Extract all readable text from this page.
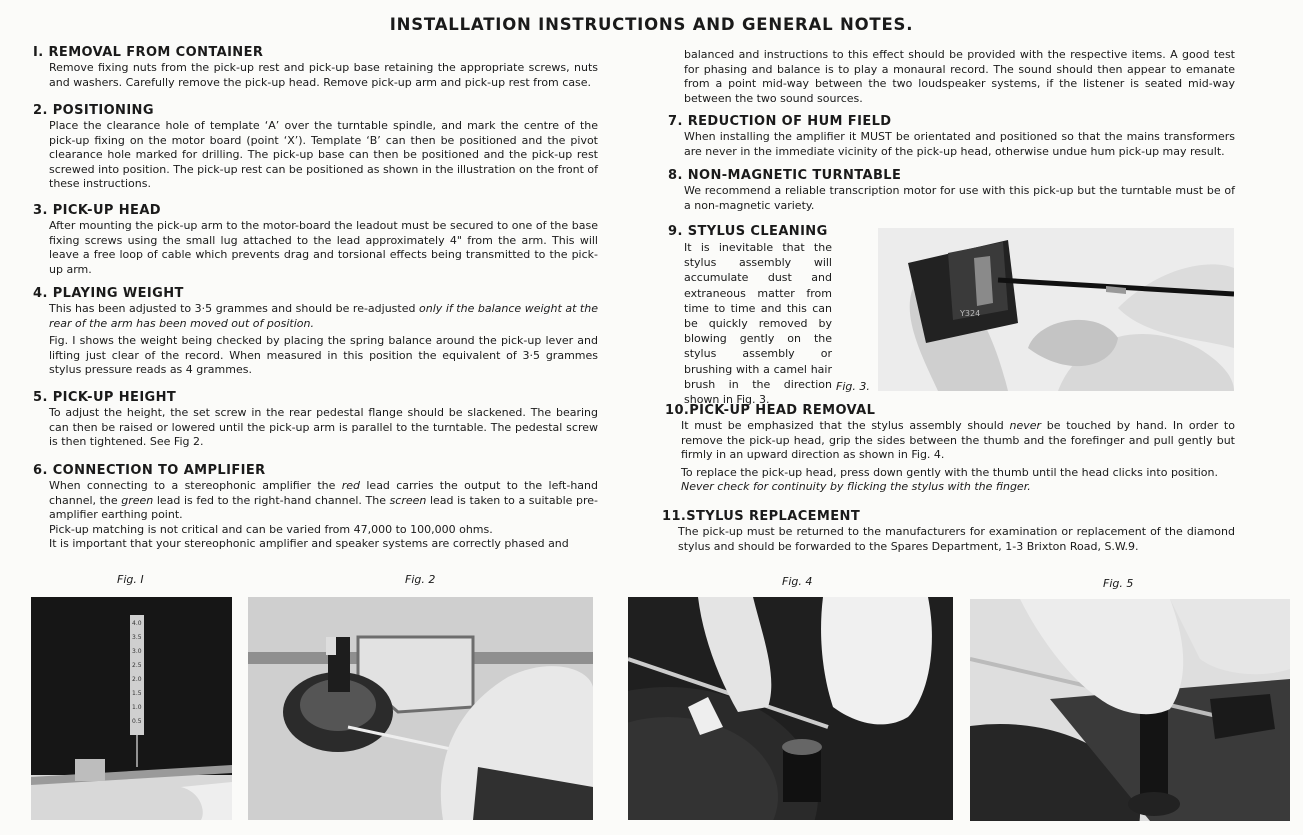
INSTALLATION INSTRUCTIONS AND GENERAL NOTES.

I. REMOVAL FROM CONTAINER

Remove fixing nuts from the pick-up rest and pick-up base retaining the appropriate screws, nuts and washers. Carefully remove the pick-up head. Remove pick-up arm and pick-up rest from case.

2. POSITIONING

Place the clearance hole of template ‘A’ over the turntable spindle, and mark the centre of the pick-up fixing on the motor board (point ‘X’). Template ‘B’ can then be positioned and the pivot clearance hole marked for drilling. The pick-up base can then be positioned and the pick-up rest screwed into position. The pick-up rest can be positioned as shown in the illustration on the front of these instructions.

3. PICK-UP HEAD

After mounting the pick-up arm to the motor-board the leadout must be secured to one of the base fixing screws using the small lug attached to the lead approximately 4" from the arm. This will leave a free loop of cable which prevents drag and torsional effects being transmitted to the pick-up arm.

4. PLAYING WEIGHT

This has been adjusted to 3·5 grammes and should be re-adjusted only if the balance weight at the rear of the arm has been moved out of position.

Fig. I shows the weight being checked by placing the spring balance around the pick-up lever and lifting just clear of the record. When measured in this position the equivalent of 3·5 grammes stylus pressure reads as 4 grammes.

5. PICK-UP HEIGHT

To adjust the height, the set screw in the rear pedestal flange should be slackened. The bearing can then be raised or lowered until the pick-up arm is parallel to the turntable. The pedestal screw is then tightened. See Fig 2.

6. CONNECTION TO AMPLIFIER

When connecting to a stereophonic amplifier the red lead carries the output to the left-hand channel, the green lead is fed to the right-hand channel. The screen lead is taken to a suitable pre-amplifier earthing point.

Pick-up matching is not critical and can be varied from 47,000 to 100,000 ohms.

It is important that your stereophonic amplifier and speaker systems are correctly phased and

balanced and instructions to this effect should be provided with the respective items. A good test for phasing and balance is to play a monaural record. The sound should then appear to emanate from a point mid-way between the two loudspeaker systems, if the listener is seated mid-way between the two sound sources.

7. REDUCTION OF HUM FIELD

When installing the amplifier it MUST be orientated and positioned so that the mains transformers are never in the immediate vicinity of the pick-up head, otherwise undue hum pick-up may result.

8. NON-MAGNETIC TURNTABLE

We recommend a reliable transcription motor for use with this pick-up but the turntable must be of a non-magnetic variety.

9. STYLUS CLEANING

It is inevitable that the stylus assembly will accumulate dust and extraneous matter from time to time and this can be quickly removed by blowing gently on the stylus assembly or brushing with a camel hair brush in the direction shown in Fig. 3.

Fig. 3.
Y324

10.PICK-UP HEAD REMOVAL

It must be emphasized that the stylus assembly should never be touched by hand. In order to remove the pick-up head, grip the sides between the thumb and the forefinger and pull gently but firmly in an upward direction as shown in Fig. 4.

To replace the pick-up head, press down gently with the thumb until the head clicks into position.

Never check for continuity by flicking the stylus with the finger.

11.STYLUS REPLACEMENT

The pick-up must be returned to the manufacturers for examination or replacement of the diamond stylus and should be forwarded to the Spares Department, 1-3 Brixton Road, S.W.9.

Fig. I	Fig. 2	Fig. 4	Fig. 5
4.0
3.5
3.0
2.5
2.0
1.5
1.0
0.5
